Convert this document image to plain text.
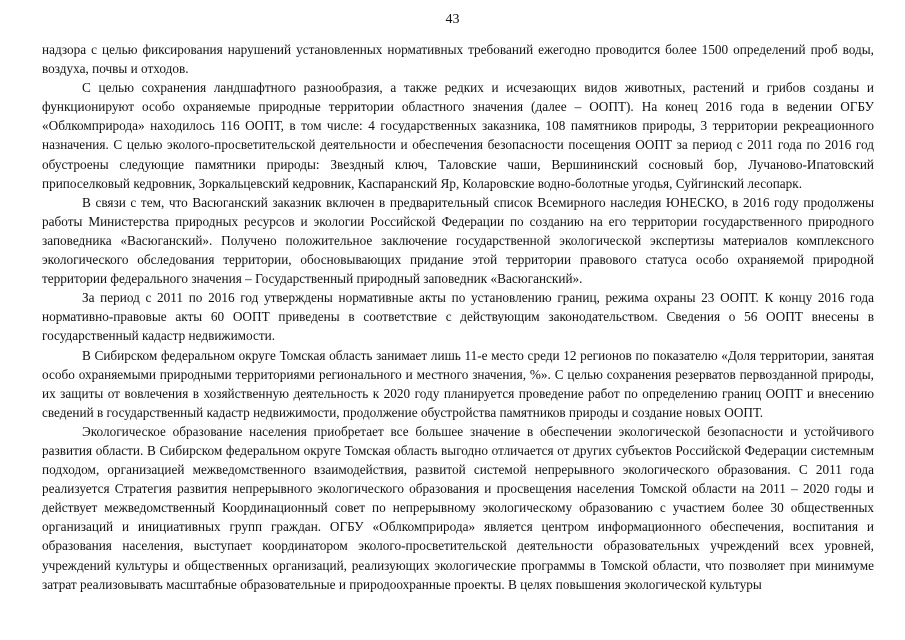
43

надзора с целью фиксирования нарушений установленных нормативных требований ежегодно проводится более 1500 определений проб воды, воздуха, почвы и отходов.

С целью сохранения ландшафтного разнообразия, а также редких и исчезающих видов животных, растений и грибов созданы и функционируют особо охраняемые природные территории областного значения (далее – ООПТ). На конец 2016 года в ведении ОГБУ «Облкомприрода» находилось 116 ООПТ, в том числе: 4 государственных заказника, 108 памятников природы, 3 территории рекреационного назначения. С целью эколого-просветительской деятельности и обеспечения безопасности посещения ООПТ за период с 2011 года по 2016 год обустроены следующие памятники природы: Звездный ключ, Таловские чаши, Вершининский сосновый бор, Лучаново-Ипатовский припоселковый кедровник, Зоркальцевский кедровник, Каспаранский Яр, Коларовские водно-болотные угодья, Суйгинский лесопарк.

В связи с тем, что Васюганский заказник включен в предварительный список Всемирного наследия ЮНЕСКО, в 2016 году продолжены работы Министерства природных ресурсов и экологии Российской Федерации по созданию на его территории государственного природного заповедника «Васюганский». Получено положительное заключение государственной экологической экспертизы материалов комплексного экологического обследования территории, обосновывающих придание этой территории правового статуса особо охраняемой природной территории федерального значения – Государственный природный заповедник «Васюганский».

За период с 2011 по 2016 год утверждены нормативные акты по установлению границ, режима охраны 23 ООПТ. К концу 2016 года нормативно-правовые акты 60 ООПТ приведены в соответствие с действующим законодательством. Сведения о 56 ООПТ внесены в государственный кадастр недвижимости.

В Сибирском федеральном округе Томская область занимает лишь 11-е место среди 12 регионов по показателю «Доля территории, занятая особо охраняемыми природными территориями регионального и местного значения, %». С целью сохранения резерватов первозданной природы, их защиты от вовлечения в хозяйственную деятельность к 2020 году планируется проведение работ по определению границ ООПТ и внесению сведений в государственный кадастр недвижимости, продолжение обустройства памятников природы и создание новых ООПТ.

Экологическое образование населения приобретает все большее значение в обеспечении экологической безопасности и устойчивого развития области. В Сибирском федеральном округе Томская область выгодно отличается от других субъектов Российской Федерации системным подходом, организацией межведомственного взаимодействия, развитой системой непрерывного экологического образования. С 2011 года реализуется Стратегия развития непрерывного экологического образования и просвещения населения Томской области на 2011 – 2020 годы и действует межведомственный Координационный совет по непрерывному экологическому образованию с участием более 30 общественных организаций и инициативных групп граждан. ОГБУ «Облкомприрода» является центром информационного обеспечения, воспитания и образования населения, выступает координатором эколого-просветительской деятельности образовательных учреждений всех уровней, учреждений культуры и общественных организаций, реализующих экологические программы в Томской области, что позволяет при минимуме затрат реализовывать масштабные образовательные и природоохранные проекты. В целях повышения экологической культуры
